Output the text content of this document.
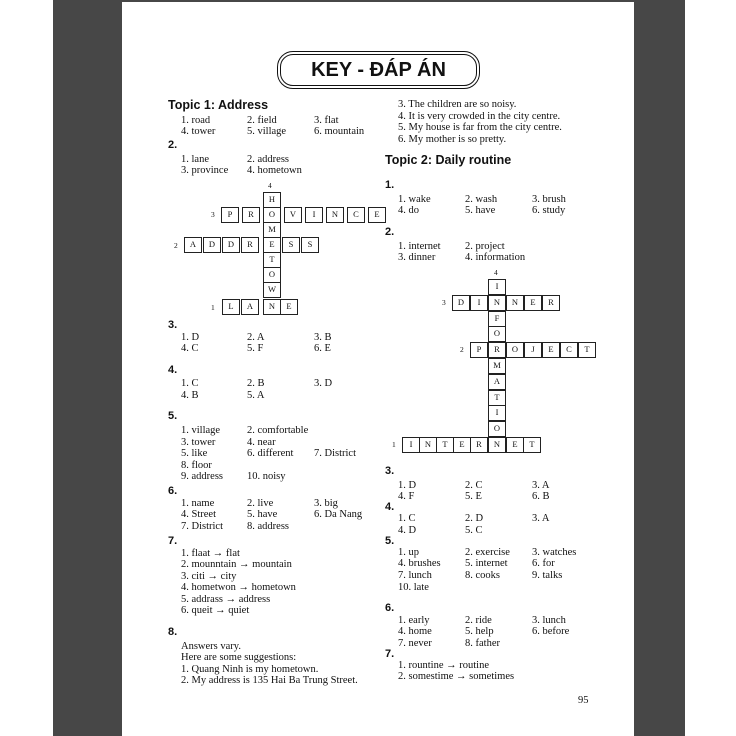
KEY - ĐÁP ÁN
Topic 1: Address
1. road	2. field	3. flat
4. tower	5. village	6. mountain
2.
1. lane	2. address
3. province 4. hometown
4
3
2
1
H
O
M
E
T
O
W
N
P	R	V	I	N	C	E
A	D	D	R	S	S
L	A	E
3.
1. D	2. A	3. B
4. C	5. F	6. E
4.
1. C	2. B	3. D
4. B	5. A
5.
1. village	2. comfortable
3. tower	4. near
5. like	6. different 7. District
8. floor
9. address 10. noisy
6.
1. name	2. live	3. big
4. Street	5. have	6. Da Nang
7. District 8. address
7.
1. flaat → flat
2. mounntain → mountain
3. citi → city
4. hometwon → hometown
5. addrass → address
6. queit → quiet
8.
Answers vary.
Here are some suggestions:
1. Quang Ninh is my hometown.
2. My address is 135 Hai Ba Trung Street.
3. The children are so noisy.
4. It is very crowded in the city centre.
5. My house is far from the city centre.
6. My mother is so pretty.
Topic 2: Daily routine
1.
1. wake	2. wash	3. brush
4. do	5. have	6. study
2.
1. internet 2. project
3. dinner	4. information
4
3
2
1
I
N
F
O
R
M
A
T
I
O
N
D	I	N	E	R
P	O	J	E	C	T
I	N	T	E	R	E	T
3.
1. D	2. C	3. A
4. F	5. E	6. B
4.
1. C	2. D	3. A
4. D	5. C
5.
1. up	2. exercise 3. watches
4. brushes 5. internet 6. for
7. lunch	8. cooks	9. talks
10. late
6.
1. early	2. ride	3. lunch
4. home	5. help	6. before
7. never	8. father
7.
1. rountine → routine
2. somestime → sometimes
95
